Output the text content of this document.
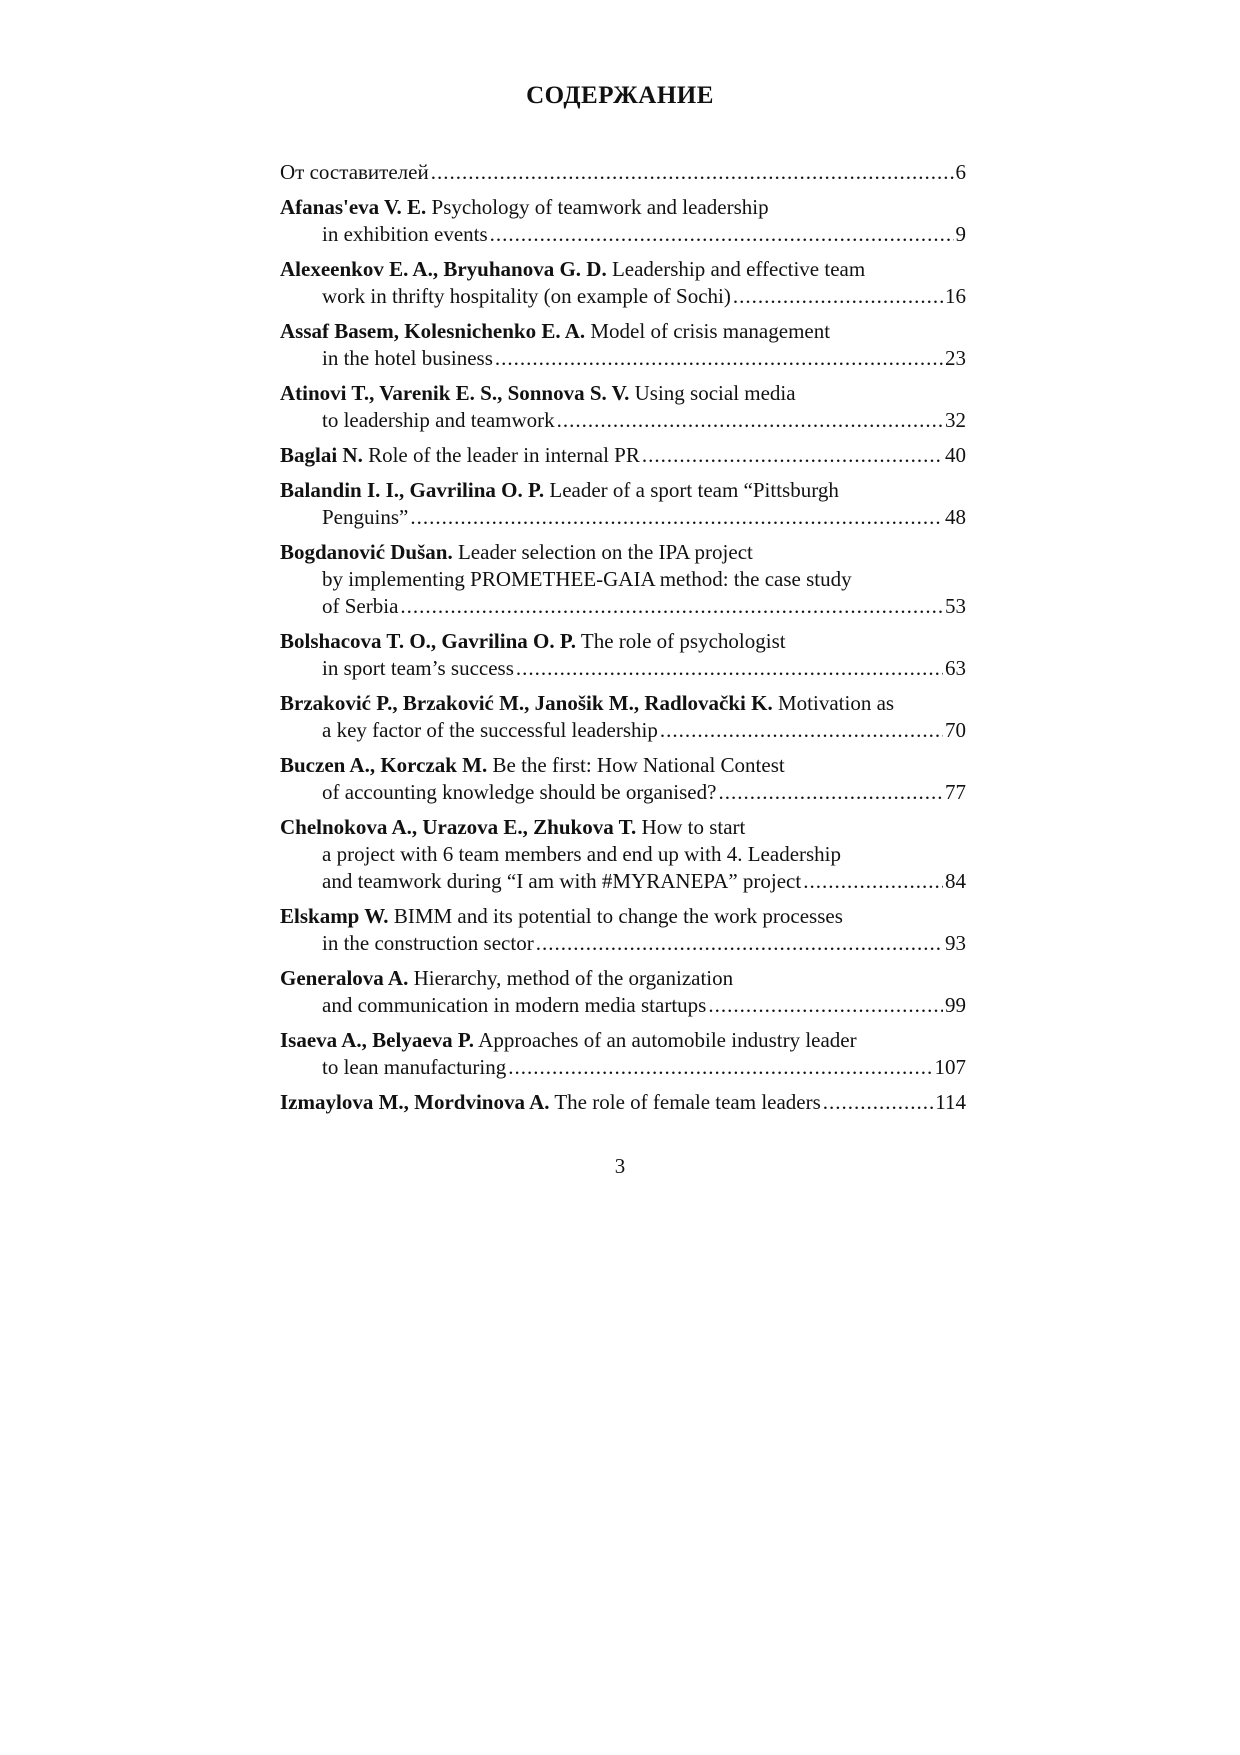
СОДЕРЖАНИЕ
От составителей .....	6
Afanas'eva V. E. Psychology of teamwork and leadership
in exhibition events .....	9
Alexeenkov E. A., Bryuhanova G. D. Leadership and effective team
work in thrifty hospitality (on example of Sochi) .....	16
Assaf Basem, Kolesnichenko E. A. Model of crisis management
in the hotel business .....	23
Atinovi T., Varenik E. S., Sonnova S. V. Using social media
to leadership and teamwork .....	32
Baglai N. Role of the leader in internal PR .....	40
Balandin I. I., Gavrilina O. P. Leader of a sport team “Pittsburgh
Penguins” .....	48
Bogdanović Dušan. Leader selection on the IPA project
by implementing PROMETHEE-GAIA method: the case study
of Serbia .....	53
Bolshacova T. O., Gavrilina O. P. The role of psychologist
in sport team’s success .....	63
Brzaković P., Brzaković M., Janošik M., Radlovački K. Motivation as
a key factor of the successful leadership .....	70
Buczen A., Korczak M. Be the first: How National Contest
of accounting knowledge should be organised? .....	77
Chelnokova A., Urazova E., Zhukova T. How to start
a project with 6 team members and end up with 4. Leadership
and teamwork during “I am with #MYRANEPA” project .....	84
Elskamp W. BIMM and its potential to change the work processes
in the construction sector .....	93
Generalova A. Hierarchy, method of the organization
and communication in modern media startups .....	99
Isaeva A., Belyaeva P. Approaches of an automobile industry leader
to lean manufacturing .....	107
Izmaylova M., Mordvinova A. The role of female team leaders .....	114
3
